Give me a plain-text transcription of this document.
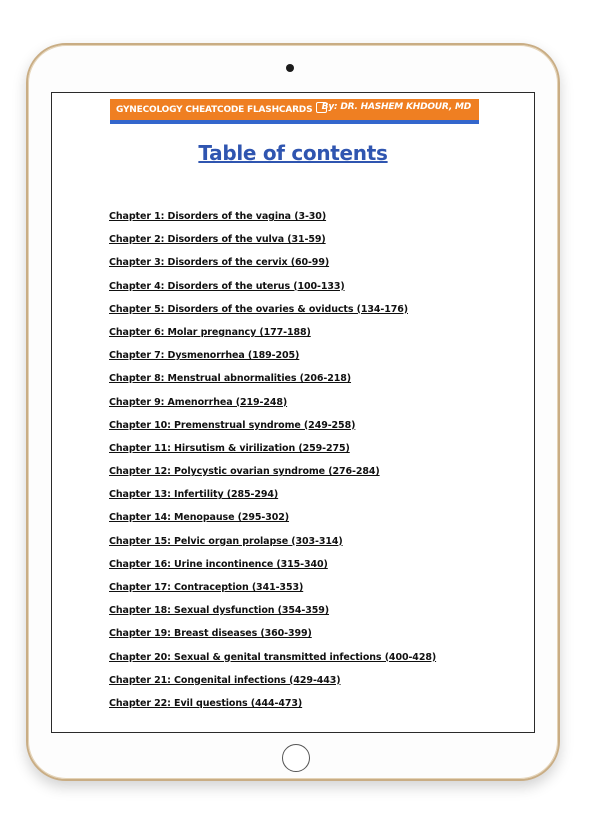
GYNECOLOGY CHEATCODE FLASHCARDS	By: DR. HASHEM KHDOUR, MD
Table of contents
Chapter 1: Disorders of the vagina (3-30)
Chapter 2: Disorders of the vulva (31-59)
Chapter 3: Disorders of the cervix (60-99)
Chapter 4: Disorders of the uterus (100-133)
Chapter 5: Disorders of the ovaries & oviducts (134-176)
Chapter 6: Molar pregnancy (177-188)
Chapter 7: Dysmenorrhea (189-205)
Chapter 8: Menstrual abnormalities (206-218)
Chapter 9: Amenorrhea (219-248)
Chapter 10: Premenstrual syndrome (249-258)
Chapter 11: Hirsutism & virilization (259-275)
Chapter 12: Polycystic ovarian syndrome (276-284)
Chapter 13: Infertility (285-294)
Chapter 14: Menopause (295-302)
Chapter 15: Pelvic organ prolapse (303-314)
Chapter 16: Urine incontinence (315-340)
Chapter 17: Contraception (341-353)
Chapter 18: Sexual dysfunction (354-359)
Chapter 19: Breast diseases (360-399)
Chapter 20: Sexual & genital transmitted infections (400-428)
Chapter 21: Congenital infections (429-443)
Chapter 22: Evil questions (444-473)
